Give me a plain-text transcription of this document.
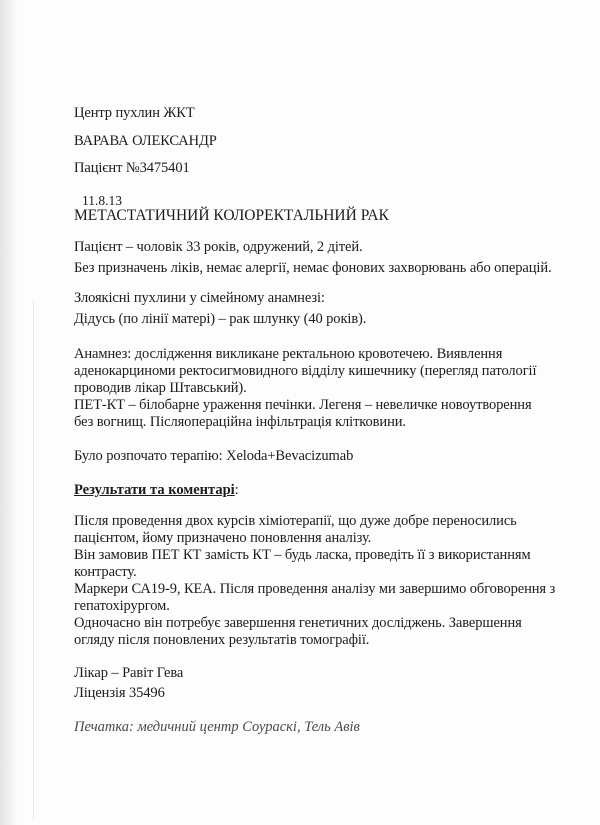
Центр пухлин ЖКТ
ВАРАВА ОЛЕКСАНДР
Пацієнт №3475401
11.8.13
МЕТАСТАТИЧНИЙ КОЛОРЕКТАЛЬНИЙ РАК
Пацієнт – чоловік 33 років, одружений, 2 дітей.
Без призначень ліків, немає алергії, немає фонових захворювань або операцій.
Злоякісні пухлини у сімейному анамнезі:
Дідусь (по лінії матері) – рак шлунку (40 років).
Анамнез: дослідження викликане ректальною кровотечею. Виявлення
аденокарциноми ректосигмовидного відділу кишечнику (перегляд патології
проводив лікар Штавський).
ПЕТ-КТ – білобарне ураження печінки. Легеня – невеличке новоутворення
без вогнищ. Післяопераційна інфільтрація клітковини.
Було розпочато терапію: Xeloda+Bevacizumab
Результати та коментарі:
Після проведення двох курсів хіміотерапії, що дуже добре переносились
пацієнтом, йому призначено поновлення аналізу.
Він замовив ПЕТ КТ замість КТ – будь ласка, проведіть її з використанням
контрасту.
Маркери СА19-9, КЕА. Після проведення аналізу ми завершимо обговорення з
гепатохірургом.
Одночасно він потребує завершення генетичних досліджень. Завершення
огляду після поновлених результатів томографії.
Лікар – Равіт Гева
Ліцензія 35496
Печатка: медичний центр Соураскі, Тель Авів
